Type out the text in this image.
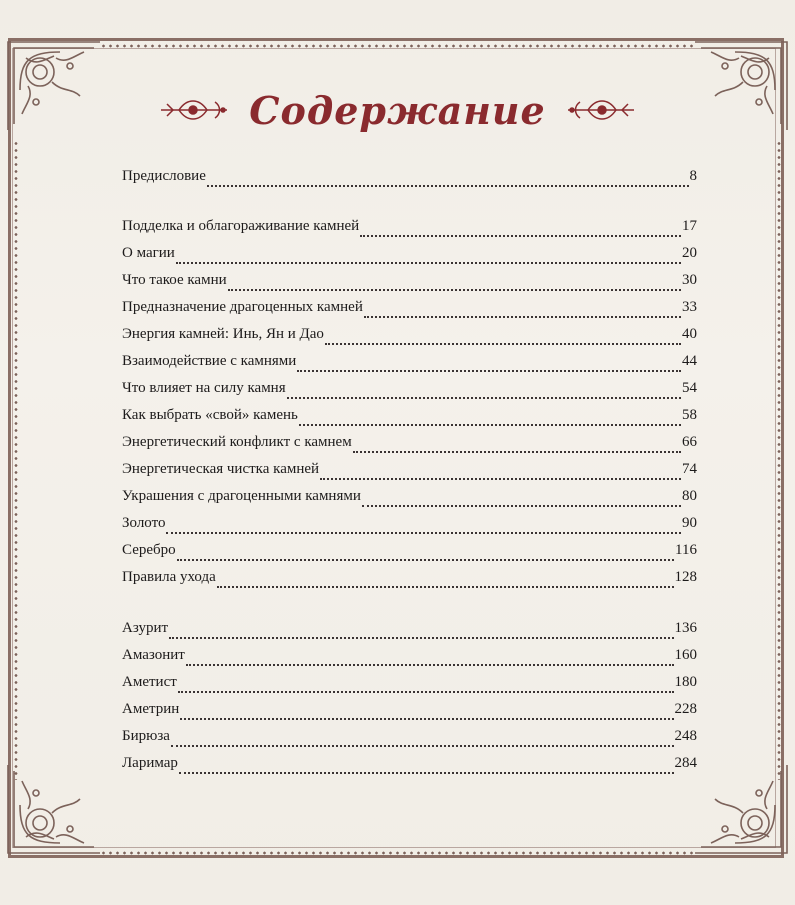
Содержание
Предисловие	8
Подделка и облагораживание камней	17
О магии	20
Что такое камни	30
Предназначение драгоценных камней	33
Энергия камней: Инь, Ян и Дао	40
Взаимодействие с камнями	44
Что влияет на силу камня	54
Как выбрать «свой» камень	58
Энергетический конфликт с камнем	66
Энергетическая чистка камней	74
Украшения с драгоценными камнями	80
Золото	90
Серебро	116
Правила ухода	128
Азурит	136
Амазонит	160
Аметист	180
Аметрин	228
Бирюза	248
Ларимар	284
